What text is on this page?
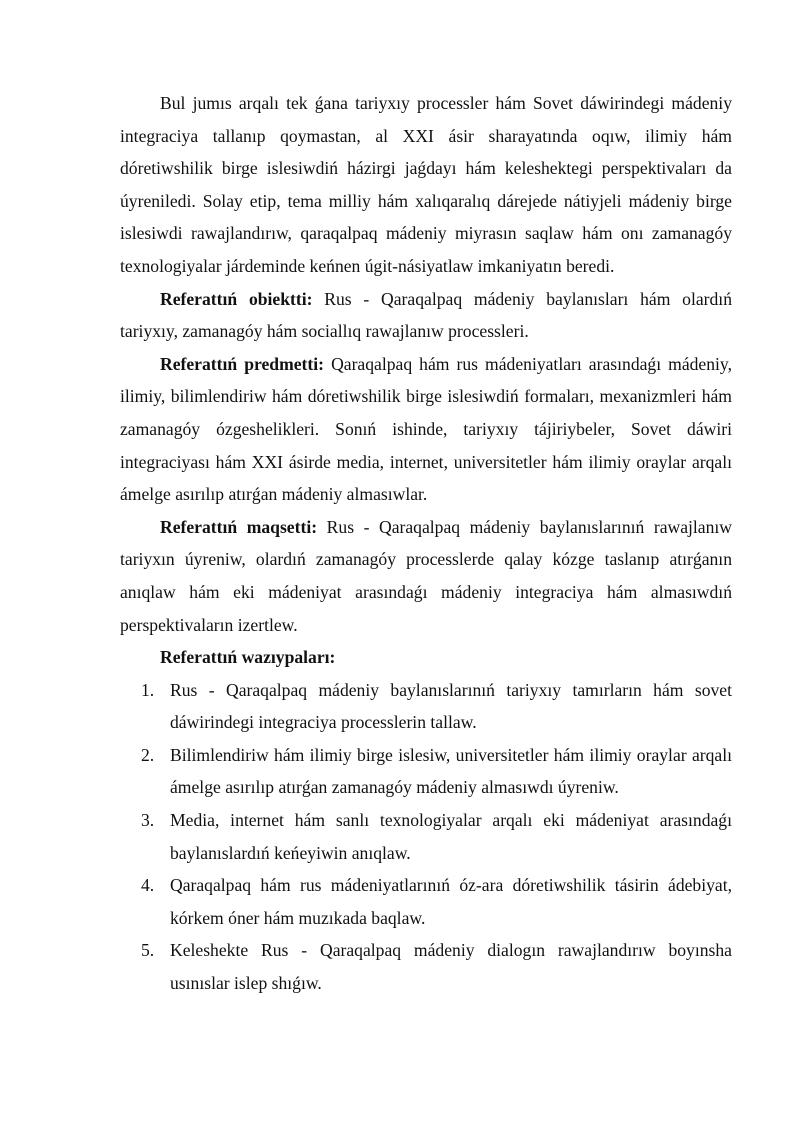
Bul jumıs arqalı tek ǵana tariyxıy processler hám Sovet dáwirindegi mádeniy integraciya tallanıp qoymastan, al XXI ásir sharayatında oqıw, ilimiy hám dóretiwshilik birge islesiwdiń házirgi jaǵdayı hám keleshektegi perspektivaları da úyreniledi. Solay etip, tema milliy hám xalıqaralıq dárejede nátiyjeli mádeniy birge islesiwdi rawajlandırıw, qaraqalpaq mádeniy miyrasın saqlaw hám onı zamanagóy texnologiyalar járdeminde keńnen úgit-násiyatlaw imkaniyatın beredi.

Referattıń obiektti: Rus - Qaraqalpaq mádeniy baylanısları hám olardıń tariyxıy, zamanagóy hám sociallıq rawajlanıw processleri.

Referattıń predmetti: Qaraqalpaq hám rus mádeniyatları arasındaǵı mádeniy, ilimiy, bilimlendiriw hám dóretiwshilik birge islesiwdiń formaları, mexanizmleri hám zamanagóy ózgeshelikleri. Sonıń ishinde, tariyxıy tájiriybeler, Sovet dáwiri integraciyası hám XXI ásirde media, internet, universitetler hám ilimiy oraylar arqalı ámelge asırılıp atırǵan mádeniy almasıwlar.

Referattıń maqsetti: Rus - Qaraqalpaq mádeniy baylanıslarınıń rawajlanıw tariyxın úyreniw, olardıń zamanagóy processlerde qalay kózge taslanıp atırǵanın anıqlaw hám eki mádeniyat arasındaǵı mádeniy integraciya hám almasıwdıń perspektivaların izertlew.

Referattıń wazıypaları:

1. Rus - Qaraqalpaq mádeniy baylanıslarınıń tariyxıy tamırların hám sovet dáwirindegi integraciya processlerin tallaw.
2. Bilimlendiriw hám ilimiy birge islesiw, universitetler hám ilimiy oraylar arqalı ámelge asırılıp atırǵan zamanagóy mádeniy almasıwdı úyreniw.
3. Media, internet hám sanlı texnologiyalar arqalı eki mádeniyat arasındaǵı baylanıslardıń keńeyiwin anıqlaw.
4. Qaraqalpaq hám rus mádeniyatlarınıń óz-ara dóretiwshilik tásirin ádebiyat, kórkem óner hám muzıkada baqlaw.
5. Keleshekte Rus - Qaraqalpaq mádeniy dialogın rawajlandırıw boyınsha usınıslar islep shıǵıw.
